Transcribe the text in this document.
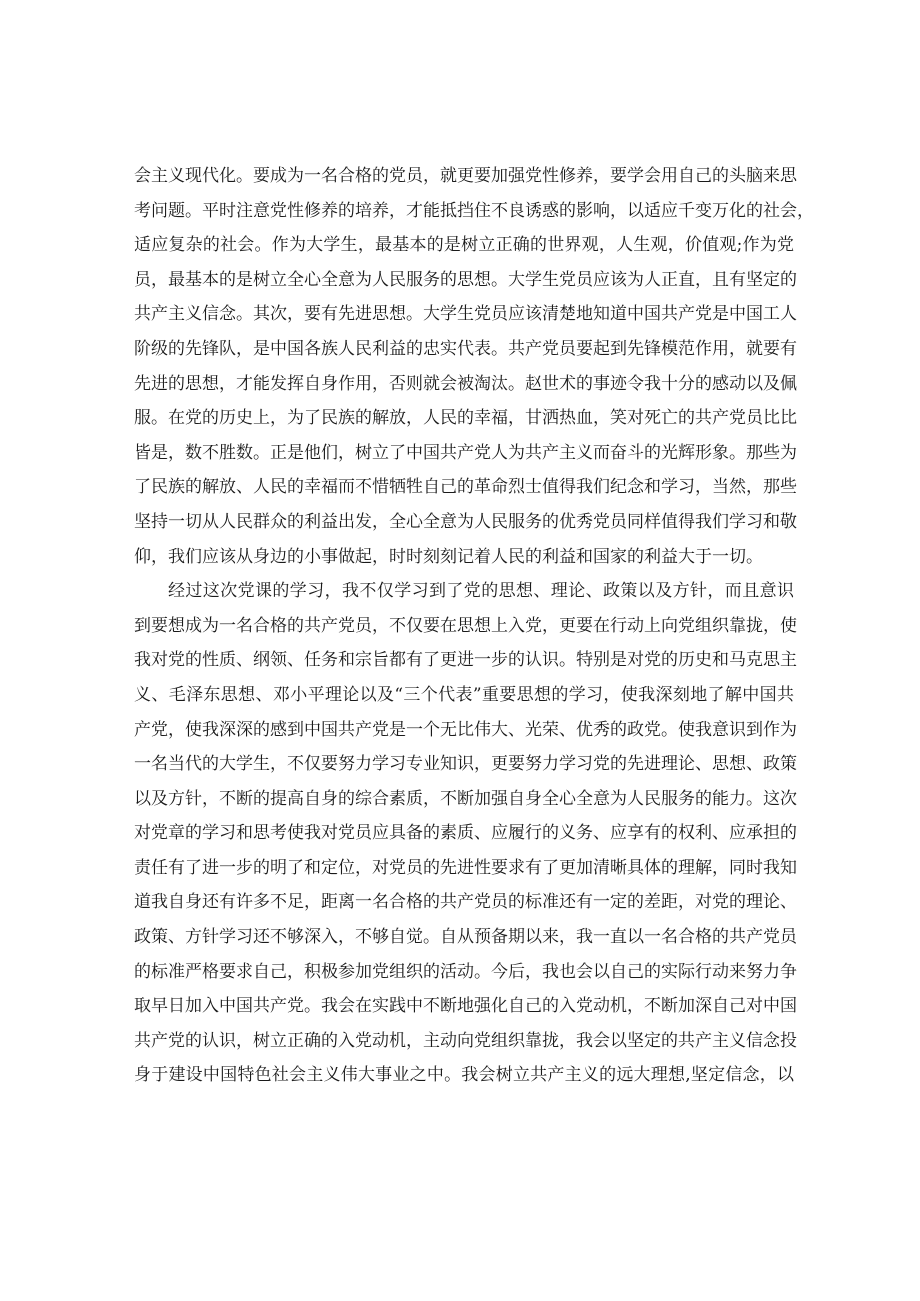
会主义现代化。要成为一名合格的党员，就更要加强党性修养，要学会用自己的头脑来思
考问题。平时注意党性修养的培养，才能抵挡住不良诱惑的影响，以适应千变万化的社会，
适应复杂的社会。作为大学生，最基本的是树立正确的世界观，人生观，价值观;作为党
员，最基本的是树立全心全意为人民服务的思想。大学生党员应该为人正直，且有坚定的
共产主义信念。其次，要有先进思想。大学生党员应该清楚地知道中国共产党是中国工人
阶级的先锋队，是中国各族人民利益的忠实代表。共产党员要起到先锋模范作用，就要有
先进的思想，才能发挥自身作用，否则就会被淘汰。赵世术的事迹令我十分的感动以及佩
服。在党的历史上，为了民族的解放，人民的幸福，甘洒热血，笑对死亡的共产党员比比
皆是，数不胜数。正是他们，树立了中国共产党人为共产主义而奋斗的光辉形象。那些为
了民族的解放、人民的幸福而不惜牺牲自己的革命烈士值得我们纪念和学习，当然，那些
坚持一切从人民群众的利益出发，全心全意为人民服务的优秀党员同样值得我们学习和敬
仰，我们应该从身边的小事做起，时时刻刻记着人民的利益和国家的利益大于一切。
经过这次党课的学习，我不仅学习到了党的思想、理论、政策以及方针，而且意识
到要想成为一名合格的共产党员，不仅要在思想上入党，更要在行动上向党组织靠拢，使
我对党的性质、纲领、任务和宗旨都有了更进一步的认识。特别是对党的历史和马克思主
义、毛泽东思想、邓小平理论以及“三个代表”重要思想的学习，使我深刻地了解中国共
产党，使我深深的感到中国共产党是一个无比伟大、光荣、优秀的政党。使我意识到作为
一名当代的大学生，不仅要努力学习专业知识，更要努力学习党的先进理论、思想、政策
以及方针，不断的提高自身的综合素质，不断加强自身全心全意为人民服务的能力。这次
对党章的学习和思考使我对党员应具备的素质、应履行的义务、应享有的权利、应承担的
责任有了进一步的明了和定位，对党员的先进性要求有了更加清晰具体的理解，同时我知
道我自身还有许多不足，距离一名合格的共产党员的标准还有一定的差距，对党的理论、
政策、方针学习还不够深入，不够自觉。自从预备期以来，我一直以一名合格的共产党员
的标准严格要求自己，积极参加党组织的活动。今后，我也会以自己的实际行动来努力争
取早日加入中国共产党。我会在实践中不断地强化自己的入党动机，不断加深自己对中国
共产党的认识，树立正确的入党动机，主动向党组织靠拢，我会以坚定的共产主义信念投
身于建设中国特色社会主义伟大事业之中。我会树立共产主义的远大理想,坚定信念，以
